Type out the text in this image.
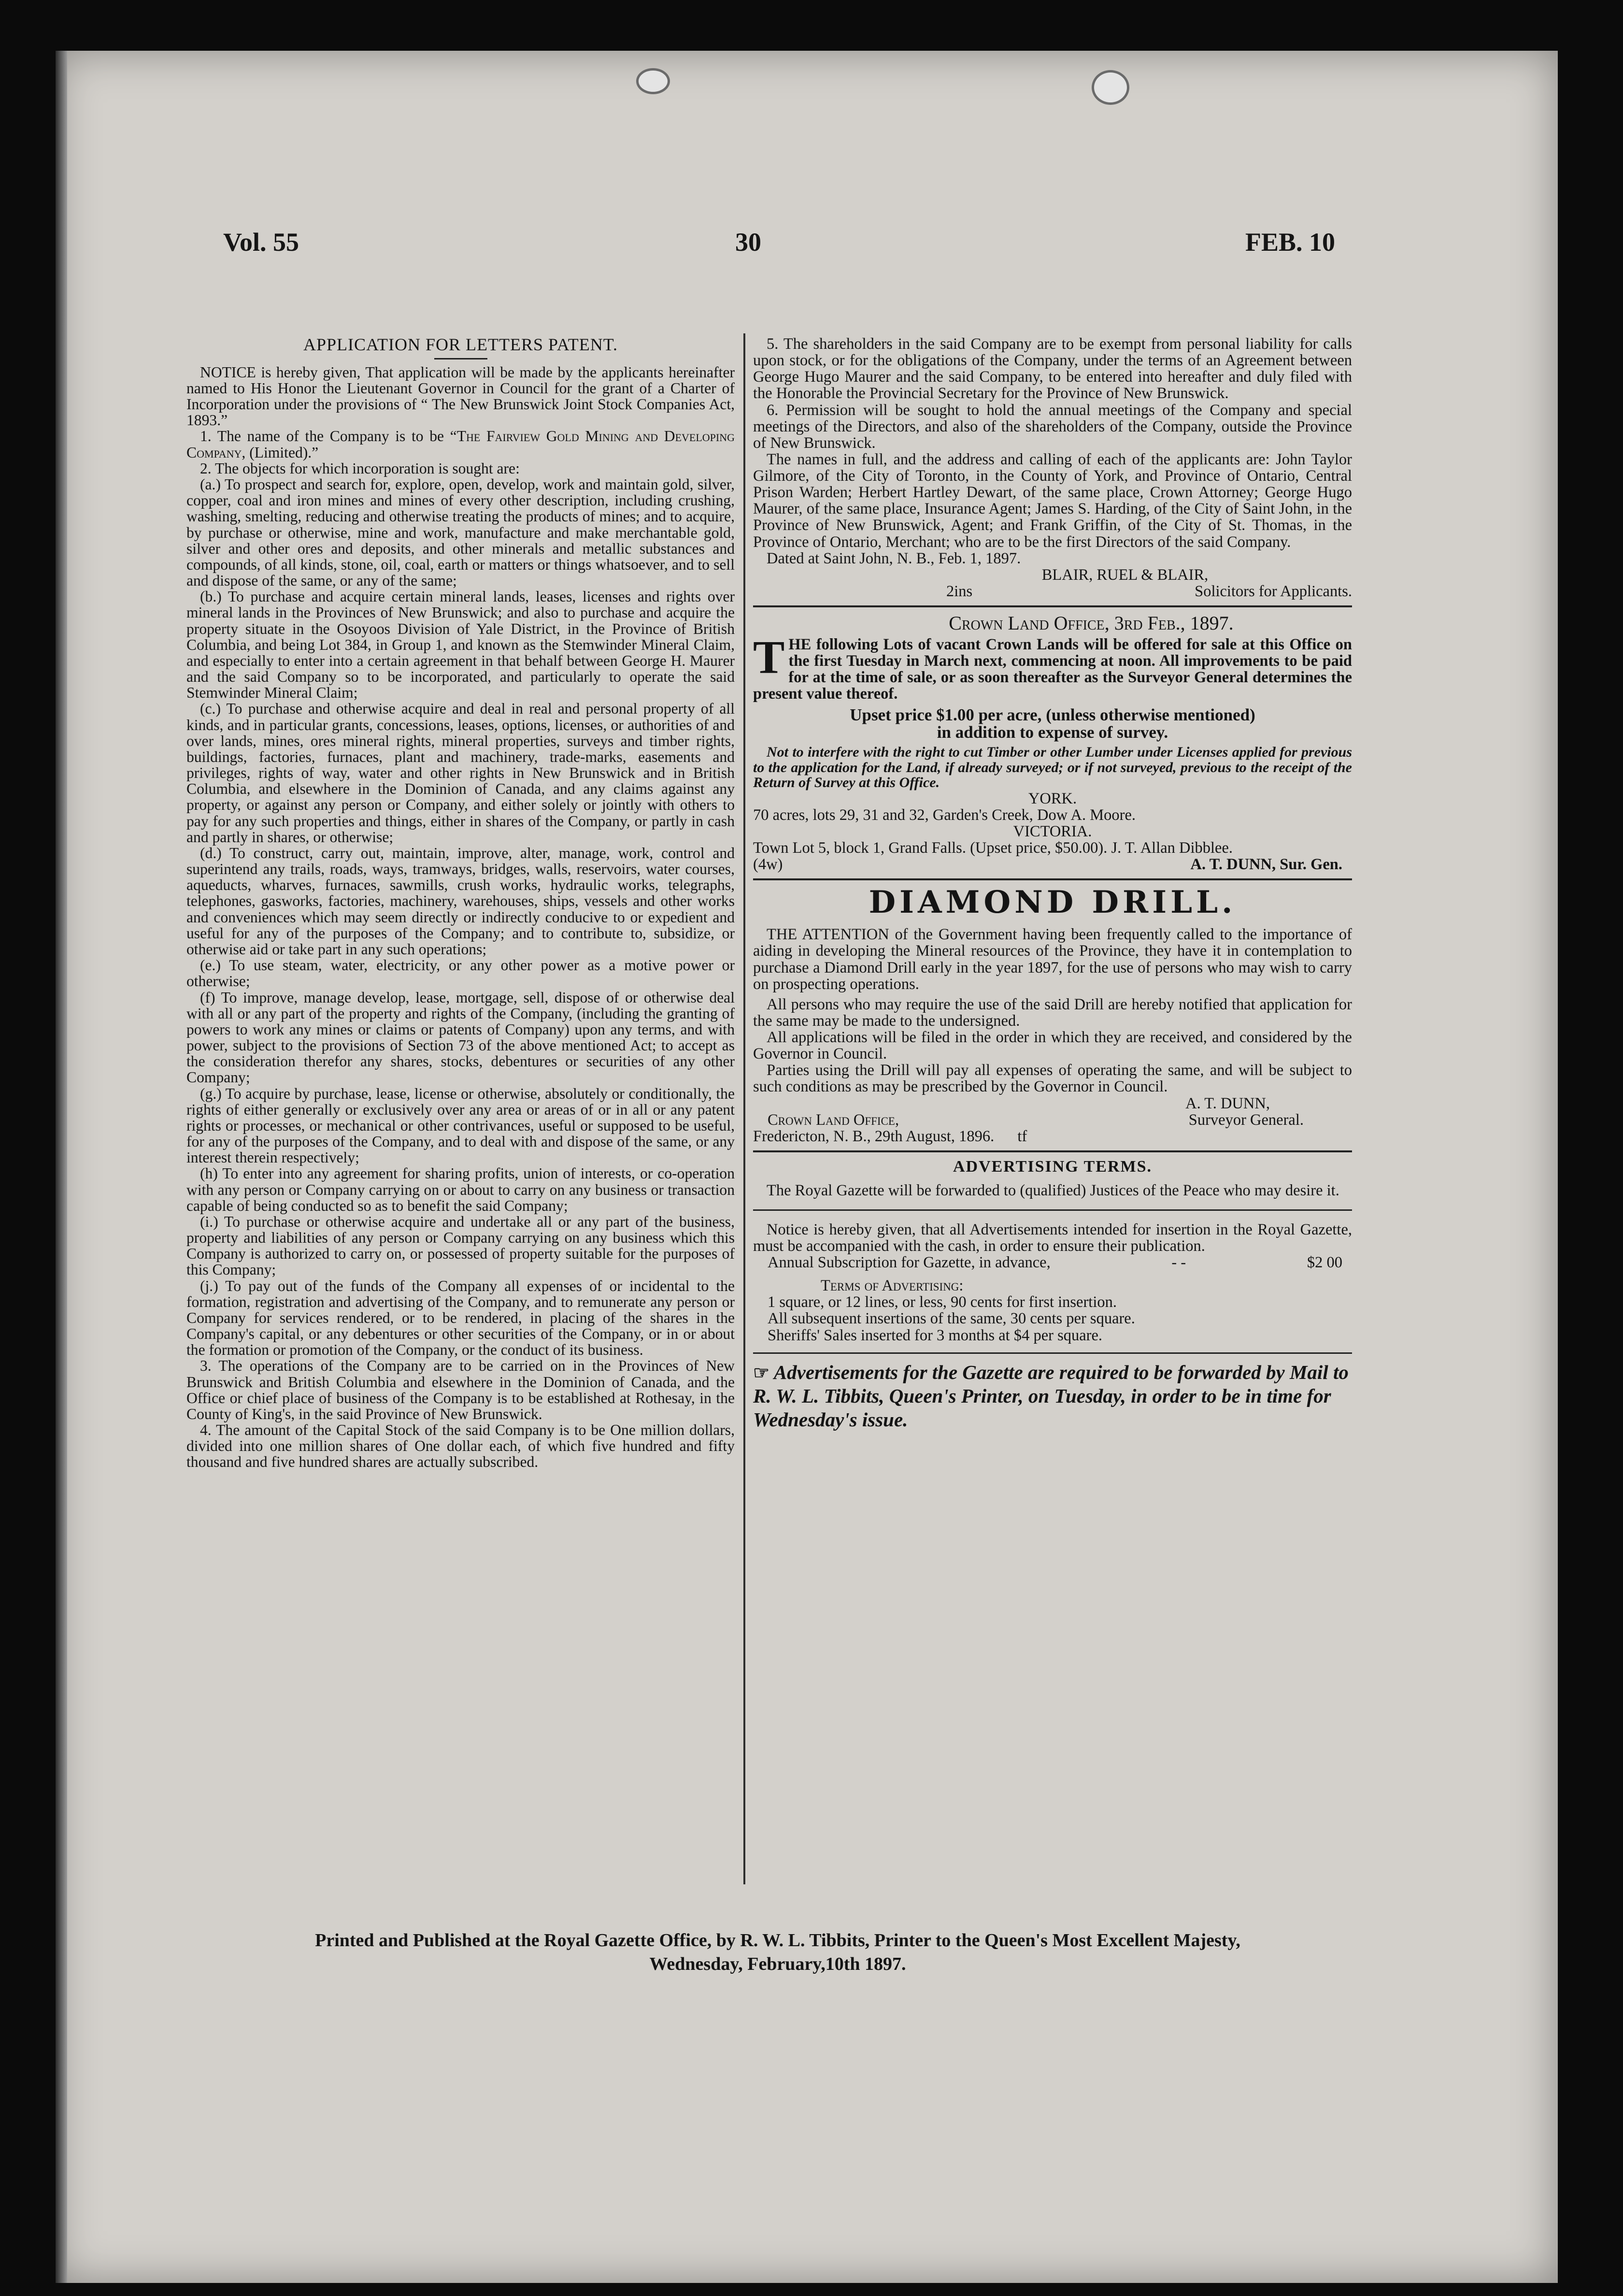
Vol. 55	30	FEB. 10
APPLICATION FOR LETTERS PATENT.

NOTICE is hereby given, That application will be made by the applicants hereinafter named to His Honor the Lieutenant Governor in Council for the grant of a Charter of Incorporation under the provisions of “ The New Brunswick Joint Stock Companies Act, 1893.”

1. The name of the Company is to be “The Fairview Gold Mining and Developing Company, (Limited).”

2. The objects for which incorporation is sought are:

(a.) To prospect and search for, explore, open, develop, work and maintain gold, silver, copper, coal and iron mines and mines of every other description, including crushing, washing, smelting, reducing and otherwise treating the products of mines; and to acquire, by purchase or otherwise, mine and work, manufacture and make merchantable gold, silver and other ores and deposits, and other minerals and metallic substances and compounds, of all kinds, stone, oil, coal, earth or matters or things whatsoever, and to sell and dispose of the same, or any of the same;

(b.) To purchase and acquire certain mineral lands, leases, licenses and rights over mineral lands in the Provinces of New Brunswick; and also to purchase and acquire the property situate in the Osoyoos Division of Yale District, in the Province of British Columbia, and being Lot 384, in Group 1, and known as the Stemwinder Mineral Claim, and especially to enter into a certain agreement in that behalf between George H. Maurer and the said Company so to be incorporated, and particularly to operate the said Stemwinder Mineral Claim;

(c.) To purchase and otherwise acquire and deal in real and personal property of all kinds, and in particular grants, concessions, leases, options, licenses, or authorities of and over lands, mines, ores mineral rights, mineral properties, surveys and timber rights, buildings, factories, furnaces, plant and machinery, trade-marks, easements and privileges, rights of way, water and other rights in New Brunswick and in British Columbia, and elsewhere in the Dominion of Canada, and any claims against any property, or against any person or Company, and either solely or jointly with others to pay for any such properties and things, either in shares of the Company, or partly in cash and partly in shares, or otherwise;

(d.) To construct, carry out, maintain, improve, alter, manage, work, control and superintend any trails, roads, ways, tramways, bridges, walls, reservoirs, water courses, aqueducts, wharves, furnaces, sawmills, crush works, hydraulic works, telegraphs, telephones, gasworks, factories, machinery, warehouses, ships, vessels and other works and conveniences which may seem directly or indirectly conducive to or expedient and useful for any of the purposes of the Company; and to contribute to, subsidize, or otherwise aid or take part in any such operations;

(e.) To use steam, water, electricity, or any other power as a motive power or otherwise;

(f) To improve, manage develop, lease, mortgage, sell, dispose of or otherwise deal with all or any part of the property and rights of the Company, (including the granting of powers to work any mines or claims or patents of Company) upon any terms, and with power, subject to the provisions of Section 73 of the above mentioned Act; to accept as the consideration therefor any shares, stocks, debentures or securities of any other Company;

(g.) To acquire by purchase, lease, license or otherwise, absolutely or conditionally, the rights of either generally or exclusively over any area or areas of or in all or any patent rights or processes, or mechanical or other contrivances, useful or supposed to be useful, for any of the purposes of the Company, and to deal with and dispose of the same, or any interest therein respectively;

(h) To enter into any agreement for sharing profits, union of interests, or co-operation with any person or Company carrying on or about to carry on any business or transaction capable of being conducted so as to benefit the said Company;

(i.) To purchase or otherwise acquire and undertake all or any part of the business, property and liabilities of any person or Company carrying on any business which this Company is authorized to carry on, or possessed of property suitable for the purposes of this Company;

(j.) To pay out of the funds of the Company all expenses of or incidental to the formation, registration and advertising of the Company, and to remunerate any person or Company for services rendered, or to be rendered, in placing of the shares in the Company's capital, or any debentures or other securities of the Company, or in or about the formation or promotion of the Company, or the conduct of its business.

3. The operations of the Company are to be carried on in the Provinces of New Brunswick and British Columbia and elsewhere in the Dominion of Canada, and the Office or chief place of business of the Company is to be established at Rothesay, in the County of King's, in the said Province of New Brunswick.

4. The amount of the Capital Stock of the said Company is to be One million dollars, divided into one million shares of One dollar each, of which five hundred and fifty thousand and five hundred shares are actually subscribed.

5. The shareholders in the said Company are to be exempt from personal liability for calls upon stock, or for the obligations of the Company, under the terms of an Agreement between George Hugo Maurer and the said Company, to be entered into hereafter and duly filed with the Honorable the Provincial Secretary for the Province of New Brunswick.

6. Permission will be sought to hold the annual meetings of the Company and special meetings of the Directors, and also of the shareholders of the Company, outside the Province of New Brunswick.

The names in full, and the address and calling of each of the applicants are: John Taylor Gilmore, of the City of Toronto, in the County of York, and Province of Ontario, Central Prison Warden; Herbert Hartley Dewart, of the same place, Crown Attorney; George Hugo Maurer, of the same place, Insurance Agent; James S. Harding, of the City of Saint John, in the Province of New Brunswick, Agent; and Frank Griffin, of the City of St. Thomas, in the Province of Ontario, Merchant; who are to be the first Directors of the said Company.

Dated at Saint John, N. B., Feb. 1, 1897.

BLAIR, RUEL & BLAIR,
2ins	Solicitors for Applicants.
Crown Land Office, 3rd Feb., 1897.
T HE following Lots of vacant Crown Lands will be offered for sale at this Office on the first Tuesday in March next, commencing at noon. All improvements to be paid for at the time of sale, or as soon thereafter as the Surveyor General determines the present value thereof.

Upset price $1.00 per acre, (unless otherwise mentioned)
in addition to expense of survey.

Not to interfere with the right to cut Timber or other Lumber under Licenses applied for previous to the application for the Land, if already surveyed; or if not surveyed, previous to the receipt of the Return of Survey at this Office.

YORK.

70 acres, lots 29, 31 and 32, Garden's Creek, Dow A. Moore.

VICTORIA.

Town Lot 5, block 1, Grand Falls. (Upset price, $50.00). J. T. Allan Dibblee.

(4w)	A. T. DUNN, Sur. Gen.
DIAMOND DRILL.

THE ATTENTION of the Government having been frequently called to the importance of aiding in developing the Mineral resources of the Province, they have it in contemplation to purchase a Diamond Drill early in the year 1897, for the use of persons who may wish to carry on prospecting operations.

All persons who may require the use of the said Drill are hereby notified that application for the same may be made to the undersigned.

All applications will be filed in the order in which they are received, and considered by the Governor in Council.

Parties using the Drill will pay all expenses of operating the same, and will be subject to such conditions as may be prescribed by the Governor in Council.

A. T. DUNN,
Crown Land Office,	Surveyor General.
Fredericton, N. B., 29th August, 1896. tf
ADVERTISING TERMS.

The Royal Gazette will be forwarded to (qualified) Justices of the Peace who may desire it.

Notice is hereby given, that all Advertisements intended for insertion in the Royal Gazette, must be accompanied with the cash, in order to ensure their publication.

Annual Subscription for Gazette, in advance,	- -	$2 00
Terms of Advertising:
1 square, or 12 lines, or less, 90 cents for first insertion.
All subsequent insertions of the same, 30 cents per square.
Sheriffs' Sales inserted for 3 months at $4 per square.
☞ Advertisements for the Gazette are required to be forwarded by Mail to R. W. L. Tibbits, Queen's Printer, on Tuesday, in order to be in time for Wednesday's issue.
Printed and Published at the Royal Gazette Office, by R. W. L. Tibbits, Printer to the Queen's Most Excellent Majesty,
Wednesday, February,10th 1897.
